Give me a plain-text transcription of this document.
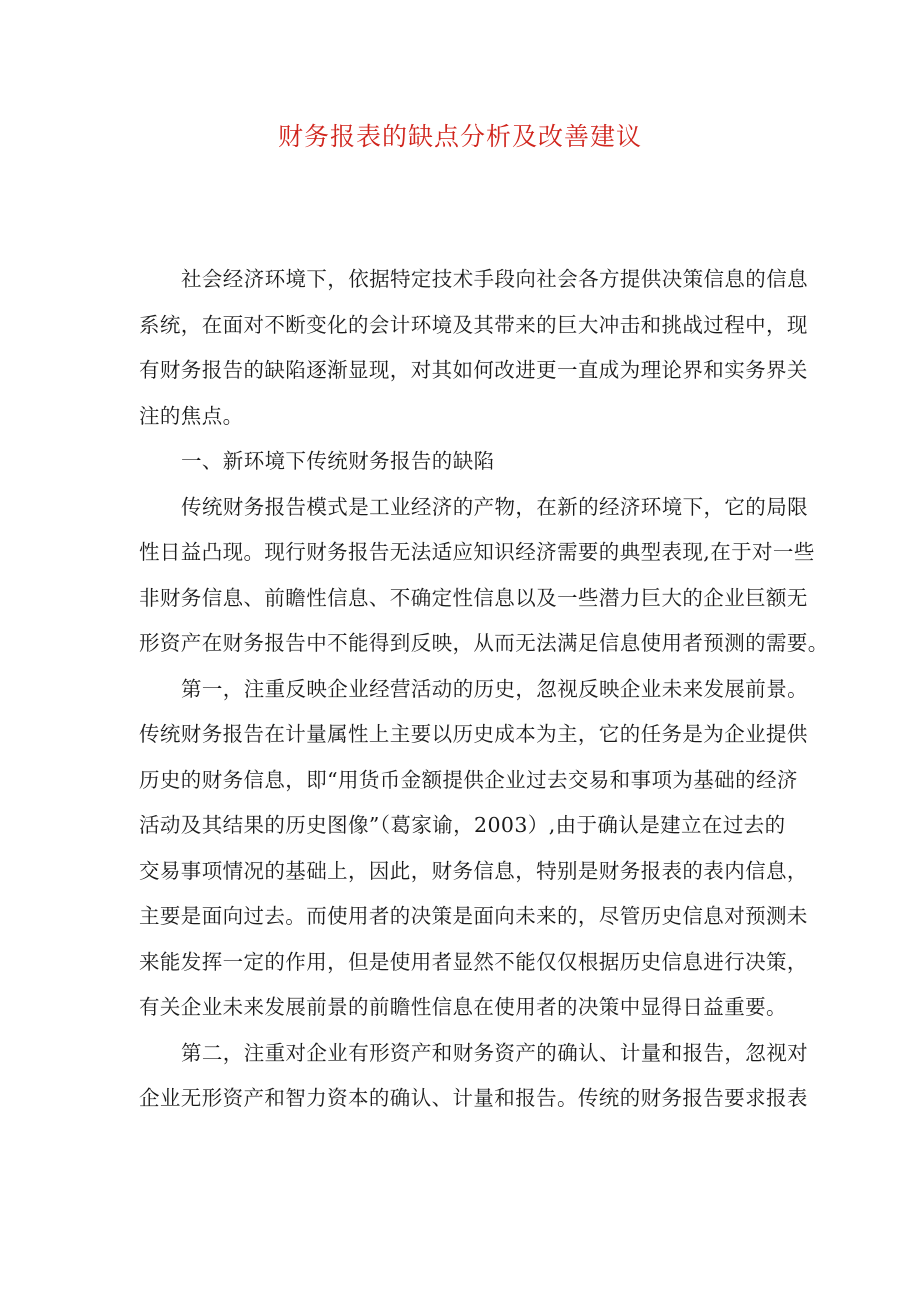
财务报表的缺点分析及改善建议
社会经济环境下，依据特定技术手段向社会各方提供决策信息的信息
系统，在面对不断变化的会计环境及其带来的巨大冲击和挑战过程中，现
有财务报告的缺陷逐渐显现，对其如何改进更一直成为理论界和实务界关
注的焦点。
一、新环境下传统财务报告的缺陷
传统财务报告模式是工业经济的产物，在新的经济环境下，它的局限
性日益凸现。现行财务报告无法适应知识经济需要的典型表现,在于对一些
非财务信息、前瞻性信息、不确定性信息以及一些潜力巨大的企业巨额无
形资产在财务报告中不能得到反映，从而无法满足信息使用者预测的需要。
第一，注重反映企业经营活动的历史，忽视反映企业未来发展前景。
传统财务报告在计量属性上主要以历史成本为主，它的任务是为企业提供
历史的财务信息，即“用货币金额提供企业过去交易和事项为基础的经济
活动及其结果的历史图像”（葛家谕，2003）,由于确认是建立在过去的
交易事项情况的基础上，因此，财务信息，特别是财务报表的表内信息，
主要是面向过去。而使用者的决策是面向未来的，尽管历史信息对预测未
来能发挥一定的作用，但是使用者显然不能仅仅根据历史信息进行决策，
有关企业未来发展前景的前瞻性信息在使用者的决策中显得日益重要。
第二，注重对企业有形资产和财务资产的确认、计量和报告，忽视对
企业无形资产和智力资本的确认、计量和报告。传统的财务报告要求报表
